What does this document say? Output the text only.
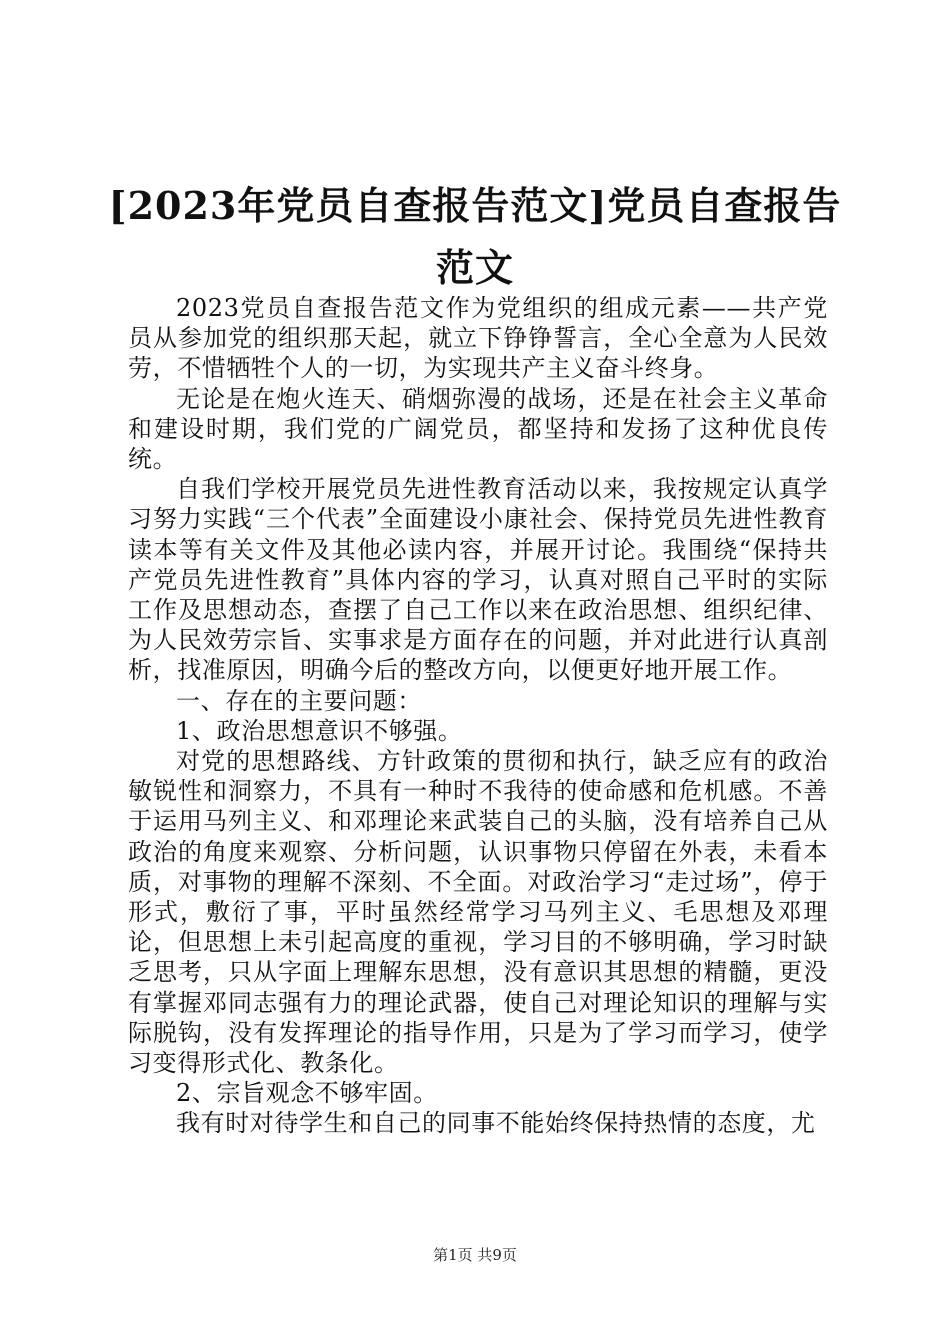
[2023年党员自查报告范文]党员自查报告范文

2023党员自查报告范文作为党组织的组成元素——共产党员从参加党的组织那天起，就立下铮铮誓言，全心全意为人民效劳，不惜牺牲个人的一切，为实现共产主义奋斗终身。

无论是在炮火连天、硝烟弥漫的战场，还是在社会主义革命和建设时期，我们党的广阔党员，都坚持和发扬了这种优良传统。

自我们学校开展党员先进性教育活动以来，我按规定认真学习努力实践“三个代表”全面建设小康社会、保持党员先进性教育读本等有关文件及其他必读内容，并展开讨论。我围绕“保持共产党员先进性教育”具体内容的学习，认真对照自己平时的实际工作及思想动态，查摆了自己工作以来在政治思想、组织纪律、为人民效劳宗旨、实事求是方面存在的问题，并对此进行认真剖析，找准原因，明确今后的整改方向，以便更好地开展工作。

一、存在的主要问题：

1、政治思想意识不够强。

对党的思想路线、方针政策的贯彻和执行，缺乏应有的政治敏锐性和洞察力，不具有一种时不我待的使命感和危机感。不善于运用马列主义、和邓理论来武装自己的头脑，没有培养自己从政治的角度来观察、分析问题，认识事物只停留在外表，未看本质，对事物的理解不深刻、不全面。对政治学习“走过场”，停于形式，敷衍了事，平时虽然经常学习马列主义、毛思想及邓理论，但思想上未引起高度的重视，学习目的不够明确，学习时缺乏思考，只从字面上理解东思想，没有意识其思想的精髓，更没有掌握邓同志强有力的理论武器，使自己对理论知识的理解与实际脱钩，没有发挥理论的指导作用，只是为了学习而学习，使学习变得形式化、教条化。

2、宗旨观念不够牢固。

我有时对待学生和自己的同事不能始终保持热情的态度，尤

第1页 共9页
